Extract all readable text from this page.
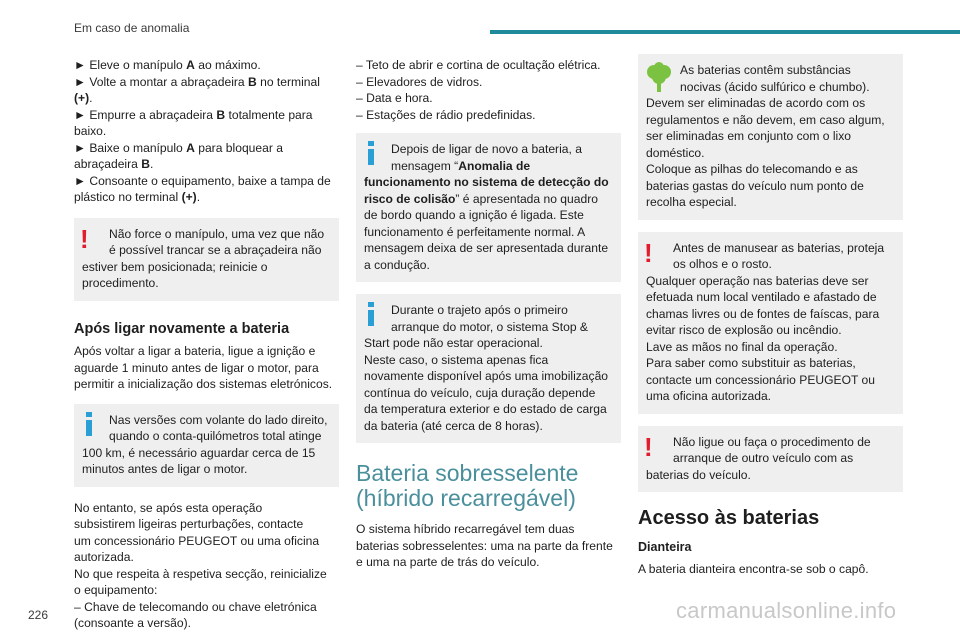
Em caso de anomalia

► Eleve o manípulo A ao máximo.

► Volte a montar a abraçadeira B no terminal

(+).

► Empurre a abraçadeira B totalmente para

baixo.

► Baixe o manípulo A para bloquear a

abraçadeira B.

► Consoante o equipamento, baixe a tampa de

plástico no terminal (+).

! Não force o manípulo, uma vez que não

é possível trancar se a abraçadeira não

estiver bem posicionada; reinicie o

procedimento.

Após ligar novamente a bateria

Após voltar a ligar a bateria, ligue a ignição e

aguarde 1 minuto antes de ligar o motor, para

permitir a inicialização dos sistemas eletrónicos.

Nas versões com volante do lado direito,

quando o conta-quilómetros total atinge

100 km, é necessário aguardar cerca de 15

minutos antes de ligar o motor.

No entanto, se após esta operação

subsistirem ligeiras perturbações, contacte

um concessionário PEUGEOT ou uma oficina

autorizada.

No que respeita à respetiva secção, reinicialize

o equipamento:

– Chave de telecomando ou chave eletrónica

(consoante a versão).

– Teto de abrir e cortina de ocultação elétrica.

– Elevadores de vidros.

– Data e hora.

– Estações de rádio predefinidas.

Depois de ligar de novo a bateria, a

mensagem “Anomalia de

funcionamento no sistema de detecção do

risco de colisão” é apresentada no quadro

de bordo quando a ignição é ligada. Este

funcionamento é perfeitamente normal. A

mensagem deixa de ser apresentada durante

a condução.

Durante o trajeto após o primeiro

arranque do motor, o sistema Stop &

Start pode não estar operacional.

Neste caso, o sistema apenas fica

novamente disponível após uma imobilização

contínua do veículo, cuja duração depende

da temperatura exterior e do estado de carga

da bateria (até cerca de 8 horas).

Bateria sobresselente
(híbrido recarregável)

O sistema híbrido recarregável tem duas

baterias sobresselentes: uma na parte da frente

e uma na parte de trás do veículo.

As baterias contêm substâncias

nocivas (ácido sulfúrico e chumbo).

Devem ser eliminadas de acordo com os

regulamentos e não devem, em caso algum,

ser eliminadas em conjunto com o lixo

doméstico.

Coloque as pilhas do telecomando e as

baterias gastas do veículo num ponto de

recolha especial.

! Antes de manusear as baterias, proteja

os olhos e o rosto.

Qualquer operação nas baterias deve ser

efetuada num local ventilado e afastado de

chamas livres ou de fontes de faíscas, para

evitar risco de explosão ou incêndio.

Lave as mãos no final da operação.

Para saber como substituir as baterias,

contacte um concessionário PEUGEOT ou

uma oficina autorizada.

! Não ligue ou faça o procedimento de

arranque de outro veículo com as

baterias do veículo.

Acesso às baterias

Dianteira

A bateria dianteira encontra-se sob o capô.

226	carmanualsonline.info
